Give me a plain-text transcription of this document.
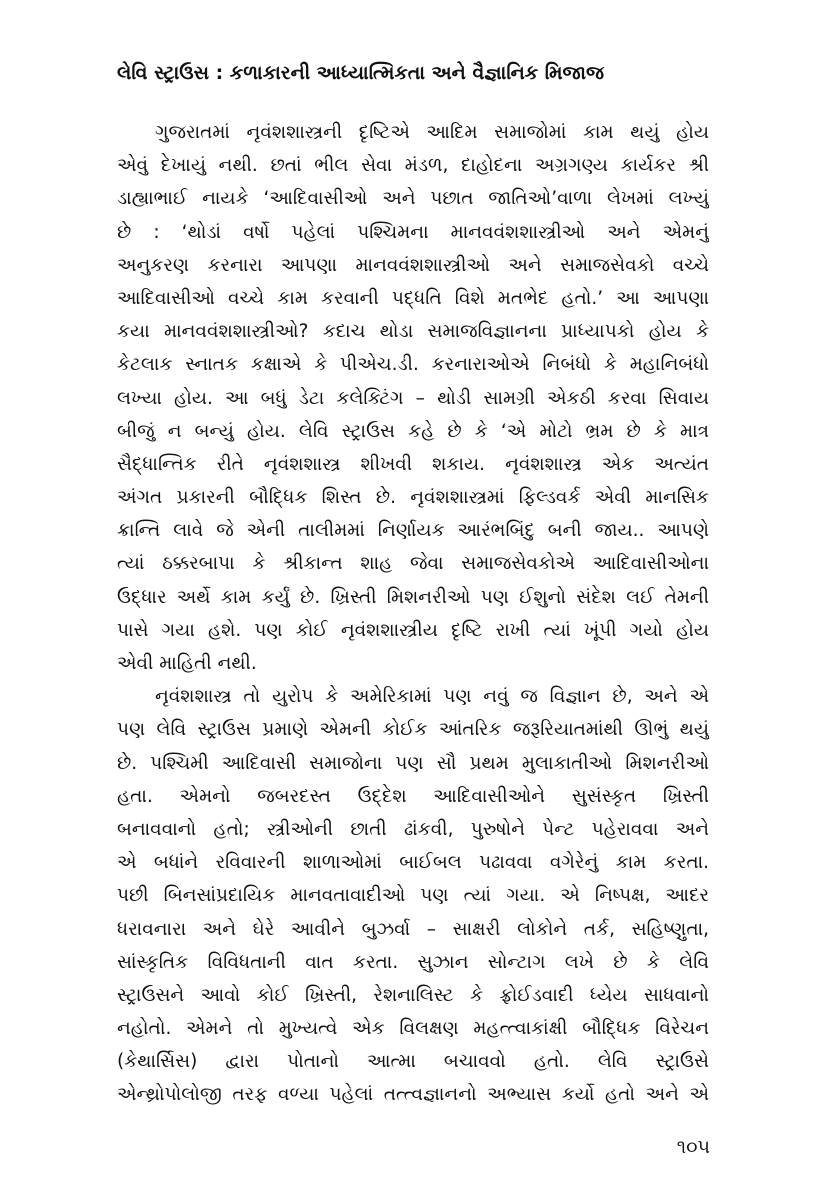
લેવિ સ્ટ્રાઉસ : કળાકારની આધ્યાત્મિકતા અને વૈજ્ઞાનિક મિજાજ
ગુજરાતમાં નૃવંશશાસ્ત્રની દૃષ્ટિએ આદિમ સમાજોમાં કામ થયું હોય
એવું દેખાયું નથી. છતાં ભીલ સેવા મંડળ, દાહોદના અગ્રગણ્ય કાર્યકર શ્રી
ડાહ્યાભાઈ નાયકે ‘આદિવાસીઓ અને પછાત જાતિઓ’વાળા લેખમાં લખ્યું
છે : ‘થોડાં વર્ષો પહેલાં પશ્ચિમના માનવવંશશાસ્ત્રીઓ અને એમનું
અનુકરણ કરનારા આપણા માનવવંશશાસ્ત્રીઓ અને સમાજસેવકો વચ્ચે
આદિવાસીઓ વચ્ચે કામ કરવાની પદ્ધતિ વિશે મતભેદ હતો.’ આ આપણા
કયા માનવવંશશાસ્ત્રીઓ? કદાચ થોડા સમાજવિજ્ઞાનના પ્રાધ્યાપકો હોય કે
કેટલાક સ્નાતક કક્ષાએ કે પીએચ.ડી. કરનારાઓએ નિબંધો કે મહાનિબંધો
લખ્યા હોય. આ બધું ડેટા કલેક્ટિંગ – થોડી સામગ્રી એકઠી કરવા સિવાય
બીજું ન બન્યું હોય. લેવિ સ્ટ્રાઉસ કહે છે કે ‘એ મોટો ભ્રમ છે કે માત્ર
સૈદ્ધાન્તિક રીતે નૃવંશશાસ્ત્ર શીખવી શકાય. નૃવંશશાસ્ત્ર એક અત્યંત
અંગત પ્રકારની બૌદ્ધિક શિસ્ત છે. નૃવંશશાસ્ત્રમાં ફિલ્ડવર્ક એવી માનસિક
ક્રાન્તિ લાવે જે એની તાલીમમાં નિર્ણાયક આરંભબિંદુ બની જાય.. આપણે
ત્યાં ઠક્કરબાપા કે શ્રીકાન્ત શાહ જેવા સમાજસેવકોએ આદિવાસીઓના
ઉદ્ધાર અર્થે કામ કર્યું છે. ખ્રિસ્તી મિશનરીઓ પણ ઈશુનો સંદેશ લઈ તેમની
પાસે ગયા હશે. પણ કોઈ નૃવંશશાસ્ત્રીય દૃષ્ટિ રાખી ત્યાં ખૂંપી ગયો હોય
એવી માહિતી નથી.
નૃવંશશાસ્ત્ર તો યુરોપ કે અમેરિકામાં પણ નવું જ વિજ્ઞાન છે, અને એ
પણ લેવિ સ્ટ્રાઉસ પ્રમાણે એમની કોઈક આંતરિક જરૂરિયાતમાંથી ઊભું થયું
છે. પશ્ચિમી આદિવાસી સમાજોના પણ સૌ પ્રથમ મુલાકાતીઓ મિશનરીઓ
હતા. એમનો જબરદસ્ત ઉદ્દેશ આદિવાસીઓને સુસંસ્કૃત ખ્રિસ્તી
બનાવવાનો હતો; સ્ત્રીઓની છાતી ઢાંકવી, પુરુષોને પેન્ટ પહેરાવવા અને
એ બધાંને રવિવારની શાળાઓમાં બાઈબલ પઢાવવા વગેરેનું કામ કરતા.
પછી બિનસાંપ્રદાયિક માનવતાવાદીઓ પણ ત્યાં ગયા. એ નિષ્પક્ષ, આદર
ધરાવનારા અને ઘેરે આવીને બુઝર્વા – સાક્ષરી લોકોને તર્ક, સહિષ્ણુતા,
સાંસ્કૃતિક વિવિધતાની વાત કરતા. સુઝાન સોન્ટાગ લખે છે કે લેવિ
સ્ટ્રાઉસને આવો કોઈ ખ્રિસ્તી, રેશનાલિસ્ટ કે ફ્રોઈડવાદી ધ્યેય સાધવાનો
નહોતો. એમને તો મુખ્યત્વે એક વિલક્ષણ મહત્ત્વાકાંક્ષી બૌદ્ધિક વિરેચન
(કેથાર્સિસ) દ્વારા પોતાનો આત્મા બચાવવો હતો. લેવિ સ્ટ્રાઉસે
એન્થ્રોપોલોજી તરફ વળ્યા પહેલાં તત્ત્વજ્ઞાનનો અભ્યાસ કર્યો હતો અને એ
૧૦૫
